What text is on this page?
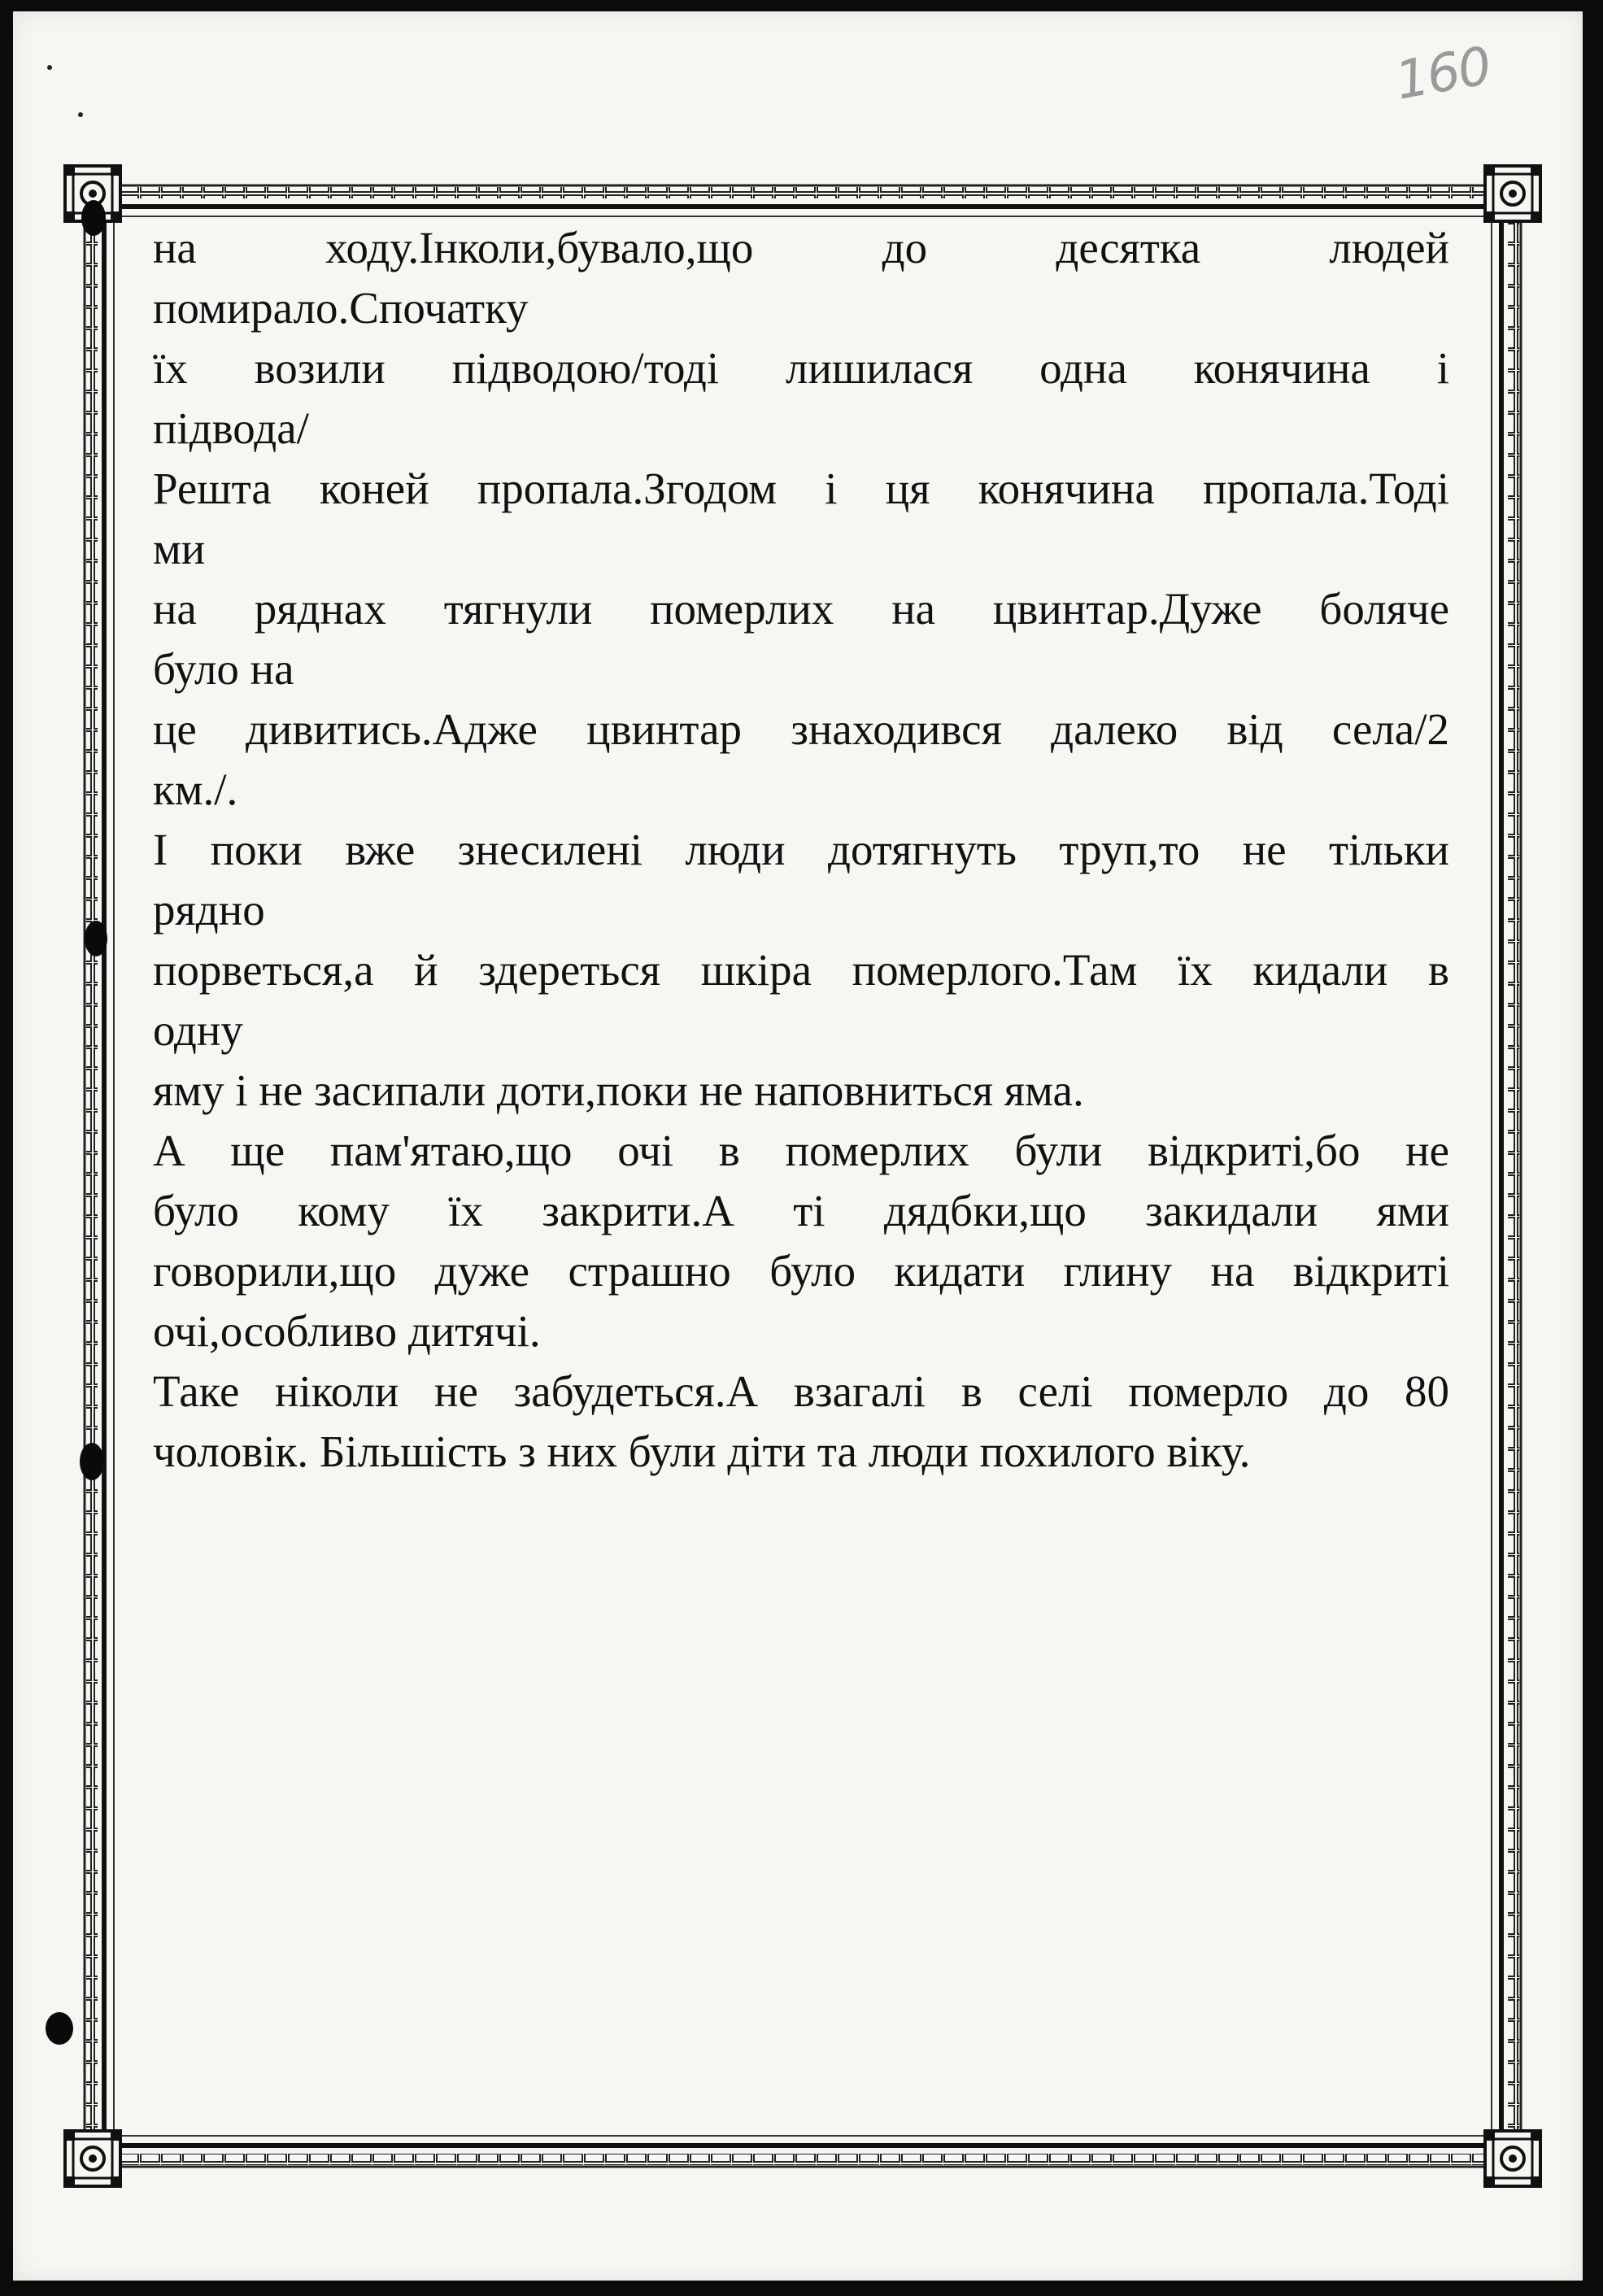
160

на ходу.Інколи,бувало,що до десятка людей

помирало.Спочатку

їх возили підводою/тоді лишилася одна конячина і

підвода/

Решта коней пропала.Згодом і ця конячина пропала.Тоді

ми

на ряднах тягнули померлих на цвинтар.Дуже боляче

було на

це дивитись.Адже цвинтар знаходився далеко від села/2

км./.

І поки вже знесилені люди дотягнуть труп,то не тільки

рядно

порветься,а й здереться шкіра померлого.Там їх кидали в

одну

яму і не засипали доти,поки не наповниться яма.

А ще пам'ятаю,що очі в померлих були відкриті,бо не

було кому їх закрити.А ті дядбки,що закидали ями

говорили,що дуже страшно було кидати глину на відкриті

очі,особливо дитячі.

Таке ніколи не забудеться.А взагалі в селі померло до 80

чоловік. Більшість з них були діти та люди похилого віку.
